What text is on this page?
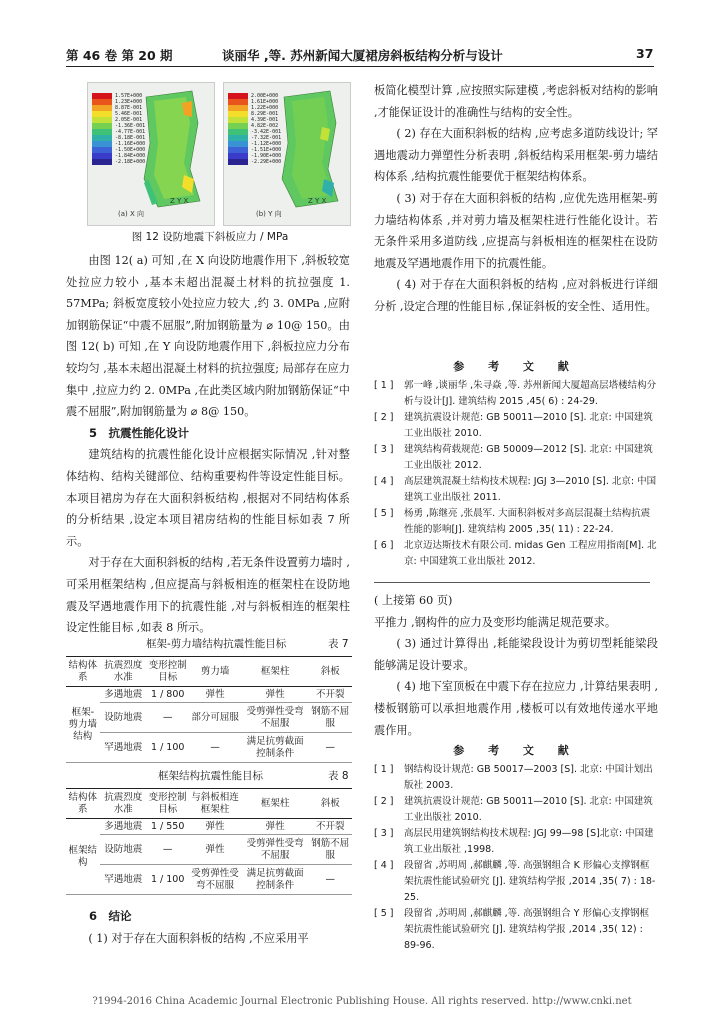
第 46 卷 第 20 期	谈丽华 ,等. 苏州新闻大厦裙房斜板结构分析与设计	37
1.57E+000
1.23E+000
8.87E-001
5.46E-001
2.05E-001
-1.36E-001
-4.77E-001
-8.18E-001
-1.16E+000
-1.50E+000
-1.84E+000
-2.18E+000
Z Y X
(a) X 向
2.00E+000
1.61E+000
1.22E+000
8.29E-001
4.39E-001
4.82E-002
-3.42E-001
-7.32E-001
-1.12E+000
-1.51E+000
-1.90E+000
-2.29E+000
Z Y X
(b) Y 向
图 12 设防地震下斜板应力 / MPa

由图 12( a) 可知 ,在 X 向设防地震作用下 ,斜板较宽处拉应力较小 ,基本未超出混凝土材料的抗拉强度 1. 57MPa; 斜板宽度较小处拉应力较大 ,约 3. 0MPa ,应附加钢筋保证“中震不屈服”,附加钢筋量为 ⌀ 10@ 150。由图 12( b) 可知 ,在 Y 向设防地震作用下 ,斜板拉应力分布较均匀 ,基本未超出混凝土材料的抗拉强度; 局部存在应力集中 ,拉应力约 2. 0MPa ,在此类区域内附加钢筋保证“中震不屈服”,附加钢筋量为 ⌀ 8@ 150。

5　抗震性能化设计

建筑结构的抗震性能化设计应根据实际情况 ,针对整体结构、结构关键部位、结构重要构件等设定性能目标。本项目裙房为存在大面积斜板结构 ,根据对不同结构体系的分析结果 ,设定本项目裙房结构的性能目标如表 7 所示。

对于存在大面积斜板的结构 ,若无条件设置剪力墙时 ,可采用框架结构 ,但应提高与斜板相连的框架柱在设防地震及罕遇地震作用下的抗震性能 ,对与斜板相连的框架柱设定性能目标 ,如表 8 所示。

框架-剪力墙结构抗震性能目标	表 7
结构体系	抗震烈度水准	变形控制目标	剪力墙	框架柱	斜板
框架-剪力墙结构	多遇地震	1 / 800	弹性	弹性	不开裂
	设防地震	—	部分可屈服	受剪弹性受弯不屈服	钢筋不屈服
	罕遇地震	1 / 100	—	满足抗剪截面控制条件	—
框架结构抗震性能目标	表 8
结构体系	抗震烈度水准	变形控制目标	与斜板相连框架柱	框架柱	斜板
框架结构	多遇地震	1 / 550	弹性	弹性	不开裂
	设防地震	—	弹性	受剪弹性受弯不屈服	钢筋不屈服
	罕遇地震	1 / 100	受剪弹性受弯不屈服	满足抗剪截面控制条件	—

6　结论

( 1) 对于存在大面积斜板的结构 ,不应采用平

板简化模型计算 ,应按照实际建模 ,考虑斜板对结构的影响 ,才能保证设计的准确性与结构的安全性。

( 2) 存在大面积斜板的结构 ,应考虑多道防线设计; 罕遇地震动力弹塑性分析表明 ,斜板结构采用框架-剪力墙结构体系 ,结构抗震性能要优于框架结构体系。

( 3) 对于存在大面积斜板的结构 ,应优先选用框架-剪力墙结构体系 ,并对剪力墙及框架柱进行性能化设计。若无条件采用多道防线 ,应提高与斜板相连的框架柱在设防地震及罕遇地震作用下的抗震性能。

( 4) 对于存在大面积斜板的结构 ,应对斜板进行详细分析 ,设定合理的性能目标 ,保证斜板的安全性、适用性。

参 考 文 献
[ 1 ]	郭一峰 ,谈丽华 ,朱寻焱 ,等. 苏州新闻大厦超高层塔楼结构分析与设计[J]. 建筑结构 2015 ,45( 6) : 24-29.
[ 2 ]	建筑抗震设计规范: GB 50011—2010 [S]. 北京: 中国建筑工业出版社 2010.
[ 3 ]	建筑结构荷载规范: GB 50009—2012 [S]. 北京: 中国建筑工业出版社 2012.
[ 4 ]	高层建筑混凝土结构技术规程: JGJ 3—2010 [S]. 北京: 中国建筑工业出版社 2011.
[ 5 ]	杨勇 ,陈继亮 ,张晨军. 大面积斜板对多高层混凝土结构抗震性能的影响[J]. 建筑结构 2005 ,35( 11) : 22-24.
[ 6 ]	北京迈达斯技术有限公司. midas Gen 工程应用指南[M]. 北京: 中国建筑工业出版社 2012.

( 上接第 60 页)

平推力 ,钢构件的应力及变形均能满足规范要求。

( 3) 通过计算得出 ,耗能梁段设计为剪切型耗能梁段能够满足设计要求。

( 4) 地下室顶板在中震下存在拉应力 ,计算结果表明 ,楼板钢筋可以承担地震作用 ,楼板可以有效地传递水平地震作用。

参 考 文 献
[ 1 ]	钢结构设计规范: GB 50017—2003 [S]. 北京: 中国计划出版社 2003.
[ 2 ]	建筑抗震设计规范: GB 50011—2010 [S]. 北京: 中国建筑工业出版社 2010.
[ 3 ]	高层民用建筑钢结构技术规程: JGJ 99—98 [S]北京: 中国建筑工业出版社 ,1998.
[ 4 ]	段留省 ,苏明周 ,郝麒麟 ,等. 高强钢组合 K 形偏心支撑钢框架抗震性能试验研究 [J]. 建筑结构学报 ,2014 ,35( 7) : 18-25.
[ 5 ]	段留省 ,苏明周 ,郝麒麟 ,等. 高强钢组合 Y 形偏心支撑钢框架抗震性能试验研究 [J]. 建筑结构学报 ,2014 ,35( 12) : 89-96.
?1994-2016 China Academic Journal Electronic Publishing House. All rights reserved. http://www.cnki.net
